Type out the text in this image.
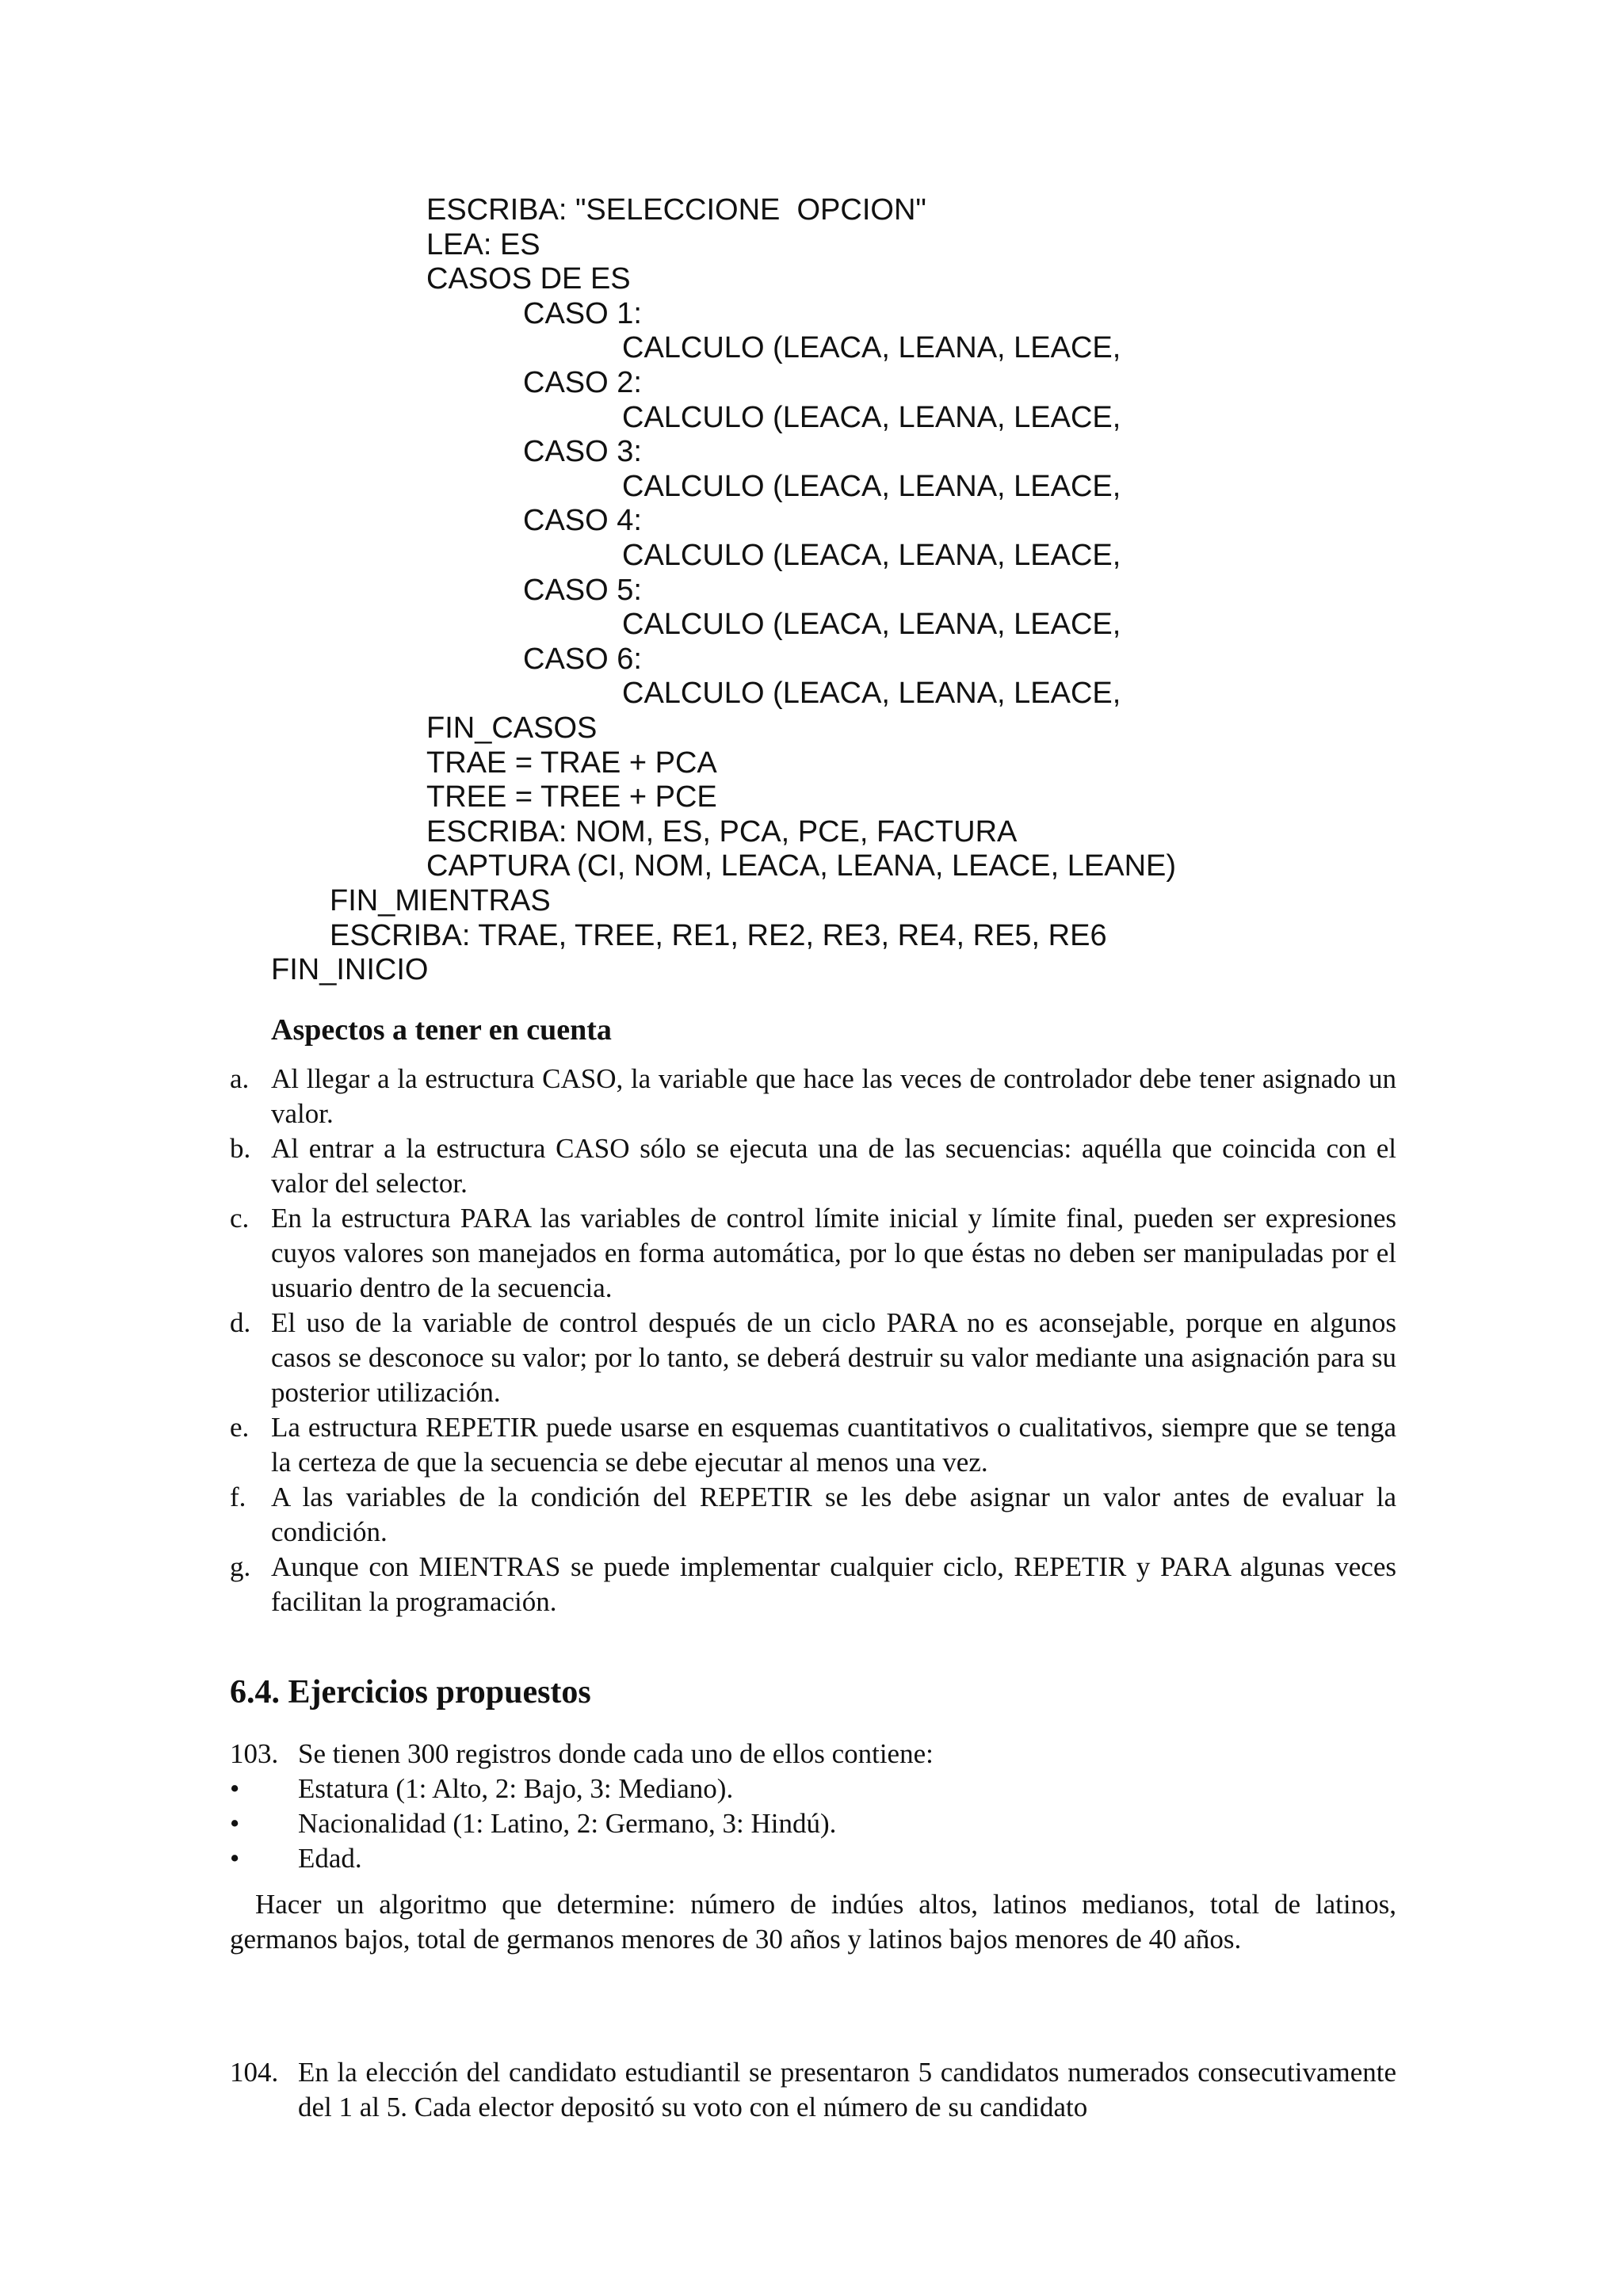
ESCRIBA: "SELECCIONE  OPCION"
LEA: ES
CASOS DE ES
CASO 1:
CALCULO (LEACA, LEANA, LEACE,
CASO 2:
CALCULO (LEACA, LEANA, LEACE,
CASO 3:
CALCULO (LEACA, LEANA, LEACE,
CASO 4:
CALCULO (LEACA, LEANA, LEACE,
CASO 5:
CALCULO (LEACA, LEANA, LEACE,
CASO 6:
CALCULO (LEACA, LEANA, LEACE,
FIN_CASOS
TRAE = TRAE + PCA
TREE = TREE + PCE
ESCRIBA: NOM, ES, PCA, PCE, FACTURA
CAPTURA (CI, NOM, LEACA, LEANA, LEACE, LEANE)
FIN_MIENTRAS
ESCRIBA: TRAE, TREE, RE1, RE2, RE3, RE4, RE5, RE6
FIN_INICIO
Aspectos a tener en cuenta
a. Al llegar a la estructura CASO, la variable que hace las veces de controlador debe tener asignado un valor.
b. Al entrar a la estructura CASO sólo se ejecuta una de las secuencias: aquélla que coincida con el valor del selector.
c. En la estructura PARA las variables de control límite inicial y límite final, pueden ser expresiones cuyos valores son manejados en forma automática, por lo que éstas no deben ser manipuladas por el usuario dentro de la secuencia.
d. El uso de la variable de control después de un ciclo PARA no es aconsejable, porque en algunos casos se desconoce su valor; por lo tanto, se deberá destruir su valor mediante una asignación para su posterior utilización.
e. La estructura REPETIR puede usarse en esquemas cuantitativos o cualitativos, siempre que se tenga la certeza de que la secuencia se debe ejecutar al menos una vez.
f. A las variables de la condición del REPETIR se les debe asignar un valor antes de evaluar la condición.
g. Aunque con MIENTRAS se puede implementar cualquier ciclo, REPETIR y PARA algunas veces facilitan la programación.
6.4. Ejercicios propuestos
103. Se tienen 300 registros donde cada uno de ellos contiene:
• Estatura (1: Alto, 2: Bajo, 3: Mediano).
• Nacionalidad (1: Latino, 2: Germano, 3: Hindú).
• Edad.
Hacer un algoritmo que determine: número de indúes altos, latinos medianos, total de latinos, germanos bajos, total de germanos menores de 30 años y latinos bajos menores de 40 años.
104. En la elección del candidato estudiantil se presentaron 5 candidatos numerados consecutivamente del 1 al 5. Cada elector depositó su voto con el número de su candidato
